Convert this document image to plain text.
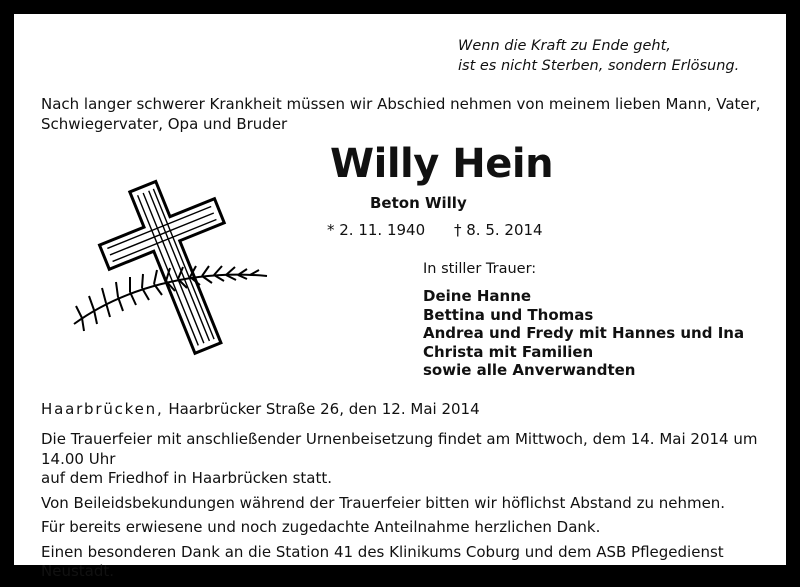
Wenn die Kraft zu Ende geht,
ist es nicht Sterben, sondern Erlösung.
Nach langer schwerer Krankheit müssen wir Abschied nehmen von meinem lieben Mann, Vater,
Schwiegervater, Opa und Bruder
Willy Hein
Beton Willy
* 2. 11. 1940 † 8. 5. 2014
In stiller Trauer:
Deine Hanne
Bettina und Thomas
Andrea und Fredy mit Hannes und Ina
Christa mit Familien
sowie alle Anverwandten
Haarbrücken, Haarbrücker Straße 26, den 12. Mai 2014

Die Trauerfeier mit anschließender Urnenbeisetzung findet am Mittwoch, dem 14. Mai 2014 um 14.00 Uhr
auf dem Friedhof in Haarbrücken statt.

Von Beileidsbekundungen während der Trauerfeier bitten wir höflichst Abstand zu nehmen.

Für bereits erwiesene und noch zugedachte Anteilnahme herzlichen Dank.

Einen besonderen Dank an die Station 41 des Klinikums Coburg und dem ASB Pflegedienst Neustadt.
